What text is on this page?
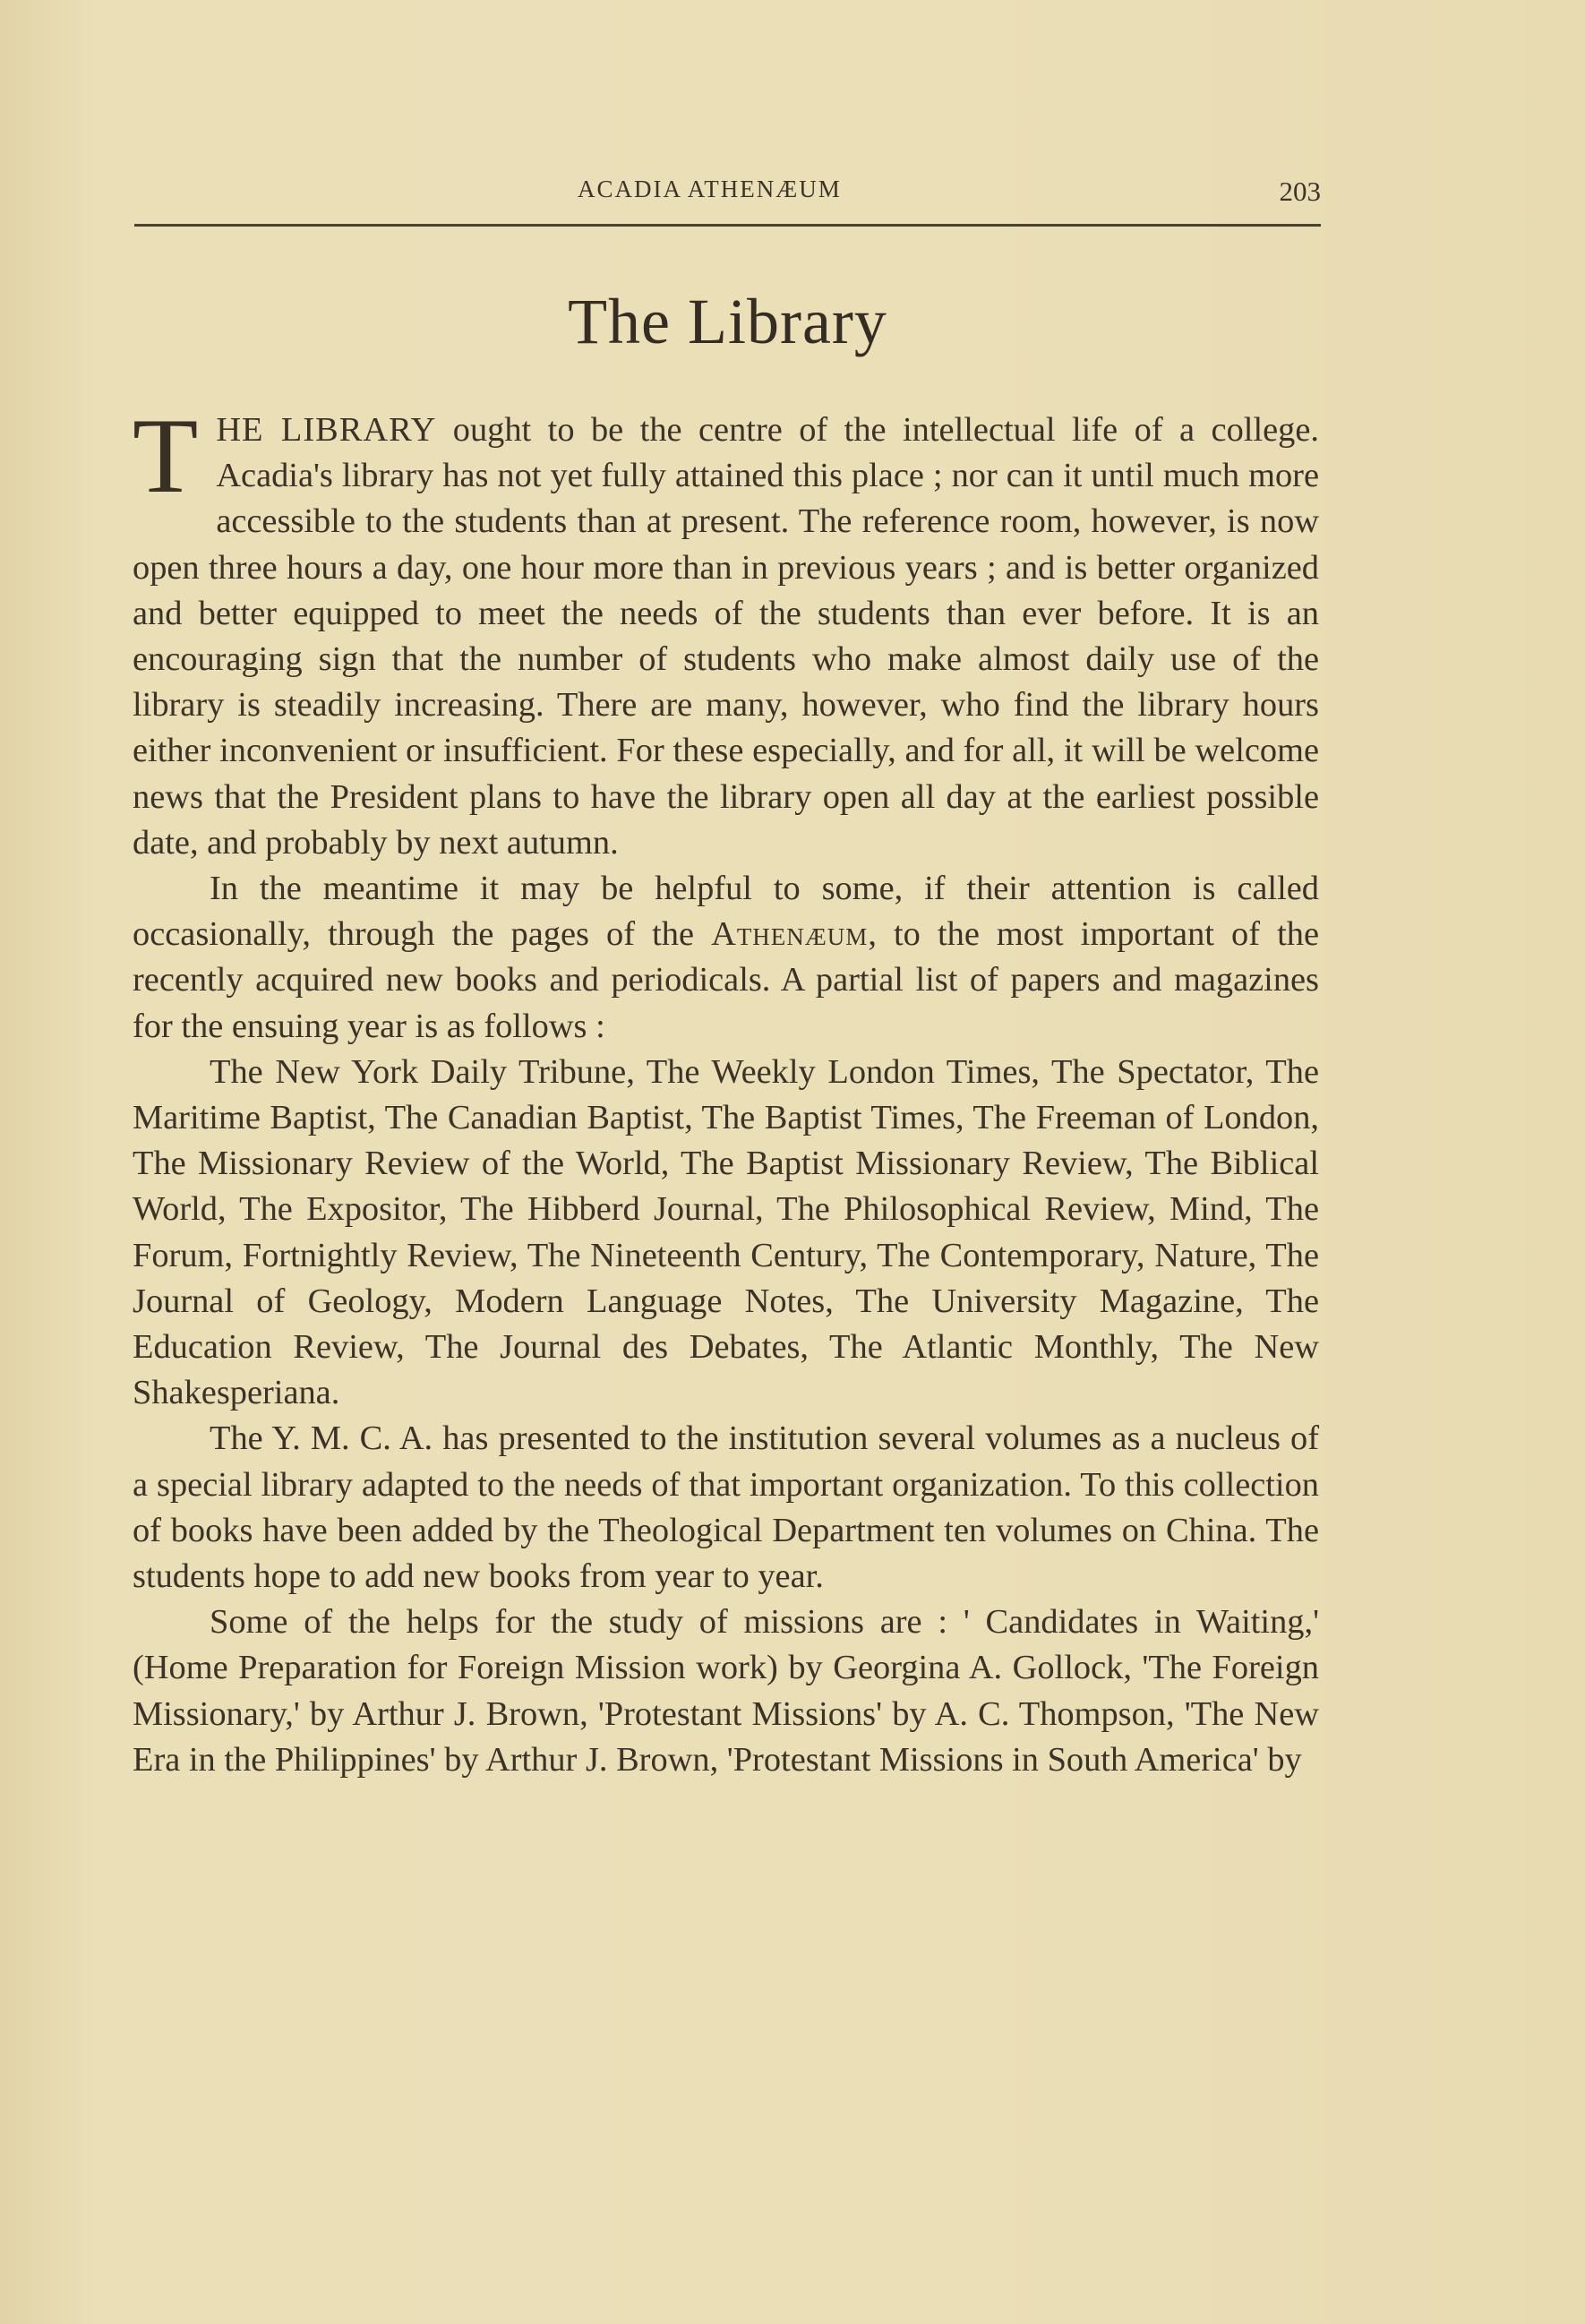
ACADIA ATHENÆUM	203
The Library

THE LIBRARY ought to be the centre of the intellectual life of a college. Acadia's library has not yet fully attained this place ; nor can it until much more accessible to the students than at present. The reference room, however, is now open three hours a day, one hour more than in previous years ; and is better organized and better equipped to meet the needs of the students than ever before. It is an encouraging sign that the number of students who make almost daily use of the library is steadily increasing. There are many, however, who find the library hours either inconvenient or insufficient. For these especially, and for all, it will be welcome news that the President plans to have the library open all day at the earliest possible date, and probably by next autumn.

In the meantime it may be helpful to some, if their attention is called occasionally, through the pages of the Athenæum, to the most important of the recently acquired new books and periodicals. A partial list of papers and magazines for the ensuing year is as follows :

The New York Daily Tribune, The Weekly London Times, The Spectator, The Maritime Baptist, The Canadian Baptist, The Baptist Times, The Freeman of London, The Missionary Review of the World, The Baptist Missionary Review, The Biblical World, The Expositor, The Hibberd Journal, The Philosophical Review, Mind, The Forum, Fortnightly Review, The Nineteenth Century, The Contemporary, Nature, The Journal of Geology, Modern Language Notes, The University Magazine, The Education Review, The Journal des Debates, The Atlantic Monthly, The New Shakesperiana.

The Y. M. C. A. has presented to the institution several volumes as a nucleus of a special library adapted to the needs of that important organization. To this collection of books have been added by the Theological Department ten volumes on China. The students hope to add new books from year to year.

Some of the helps for the study of missions are : ' Candidates in Waiting,' (Home Preparation for Foreign Mission work) by Georgina A. Gollock, 'The Foreign Missionary,' by Arthur J. Brown, 'Protestant Missions' by A. C. Thompson, 'The New Era in the Philippines' by Arthur J. Brown, 'Protestant Missions in South America' by
